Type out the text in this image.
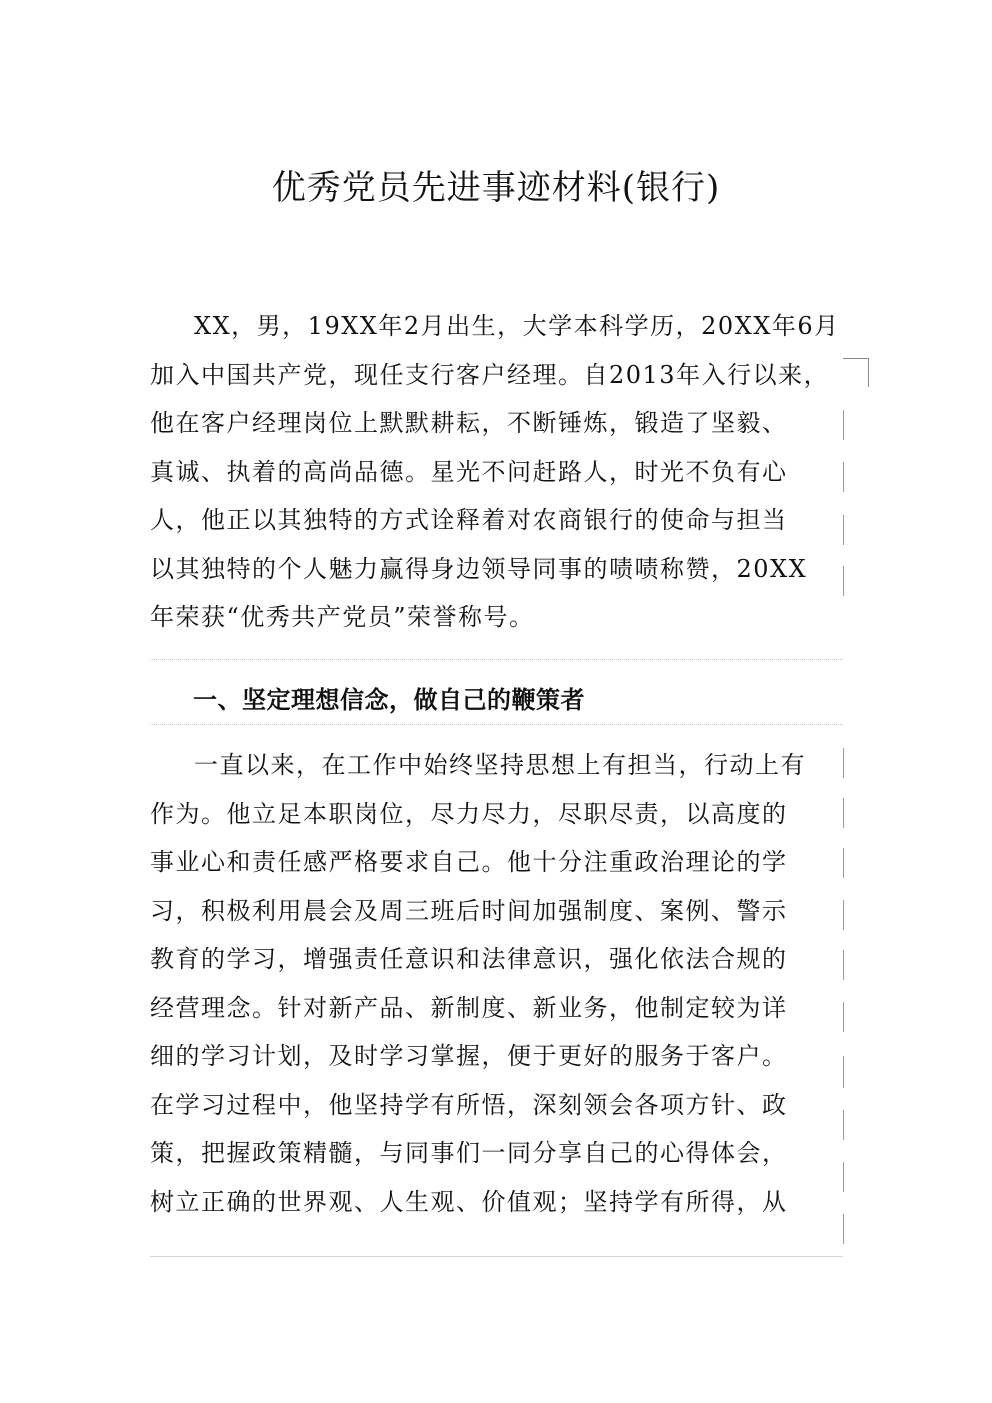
优秀党员先进事迹材料(银行)
XX，男，19XX年2月出生，大学本科学历，20XX年6月
加入中国共产党，现任支行客户经理。自2013年入行以来，
他在客户经理岗位上默默耕耘，不断锤炼，锻造了坚毅、
真诚、执着的高尚品德。星光不问赶路人，时光不负有心
人，他正以其独特的方式诠释着对农商银行的使命与担当
以其独特的个人魅力赢得身边领导同事的啧啧称赞，20XX
年荣获“优秀共产党员”荣誉称号。
一、坚定理想信念，做自己的鞭策者
一直以来，在工作中始终坚持思想上有担当，行动上有
作为。他立足本职岗位，尽力尽力，尽职尽责，以高度的
事业心和责任感严格要求自己。他十分注重政治理论的学
习，积极利用晨会及周三班后时间加强制度、案例、警示
教育的学习，增强责任意识和法律意识，强化依法合规的
经营理念。针对新产品、新制度、新业务，他制定较为详
细的学习计划，及时学习掌握，便于更好的服务于客户。
在学习过程中，他坚持学有所悟，深刻领会各项方针、政
策，把握政策精髓，与同事们一同分享自己的心得体会，
树立正确的世界观、人生观、价值观；坚持学有所得，从
